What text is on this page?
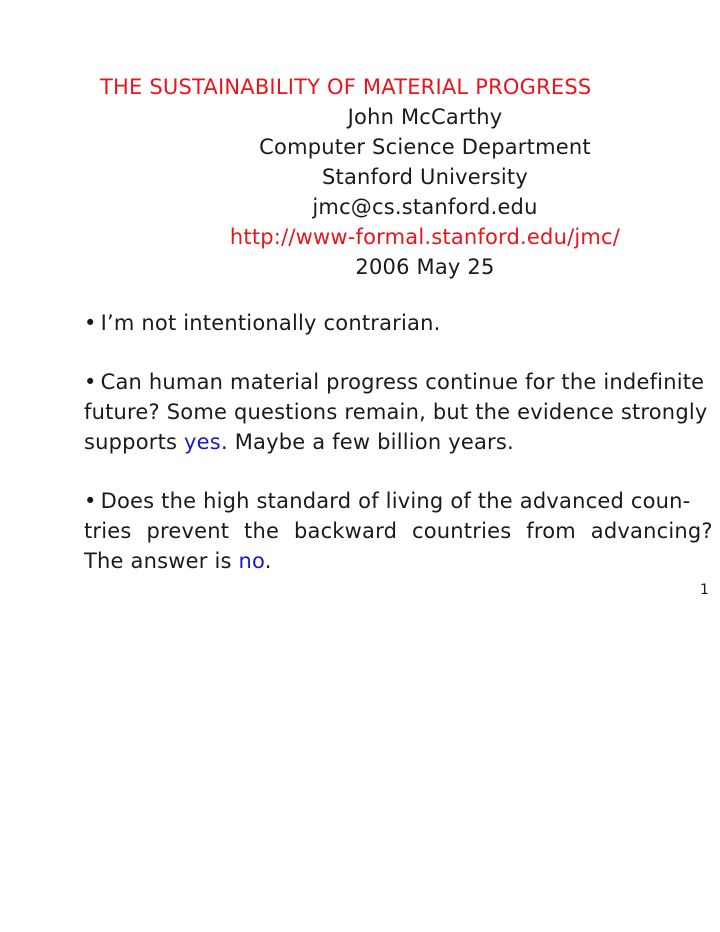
THE SUSTAINABILITY OF MATERIAL PROGRESS
John McCarthy
Computer Science Department
Stanford University
jmc@cs.stanford.edu
http://www-formal.stanford.edu/jmc/
2006 May 25
• I’m not intentionally contrarian.
• Can human material progress continue for the indefinite
future? Some questions remain, but the evidence strongly
supports yes. Maybe a few billion years.
• Does the high standard of living of the advanced coun-
tries prevent the backward countries from advancing?
The answer is no.
1
